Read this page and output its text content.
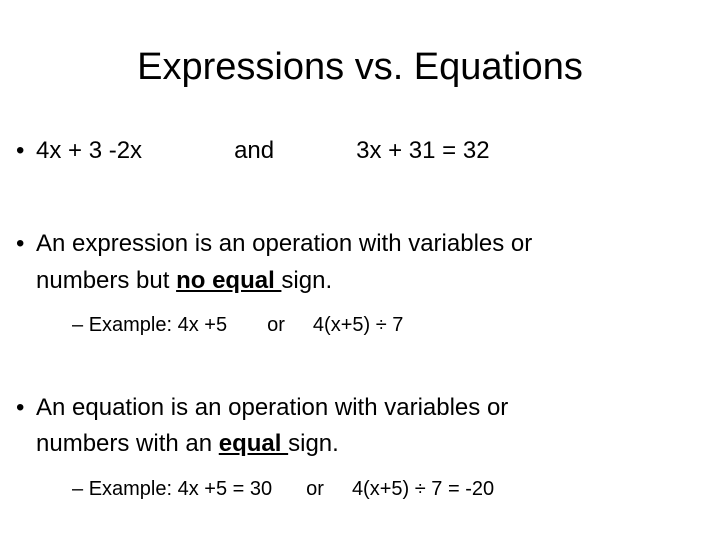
Expressions vs. Equations
• 4x + 3 -2x	and	3x + 31 = 32
• An expression is an operation with variables or
numbers but no equal sign.
– Example: 4x +5 or 4(x+5) ÷ 7
• An equation is an operation with variables or
numbers with an equal sign.
– Example: 4x +5 = 30 or 4(x+5) ÷ 7 = -20
